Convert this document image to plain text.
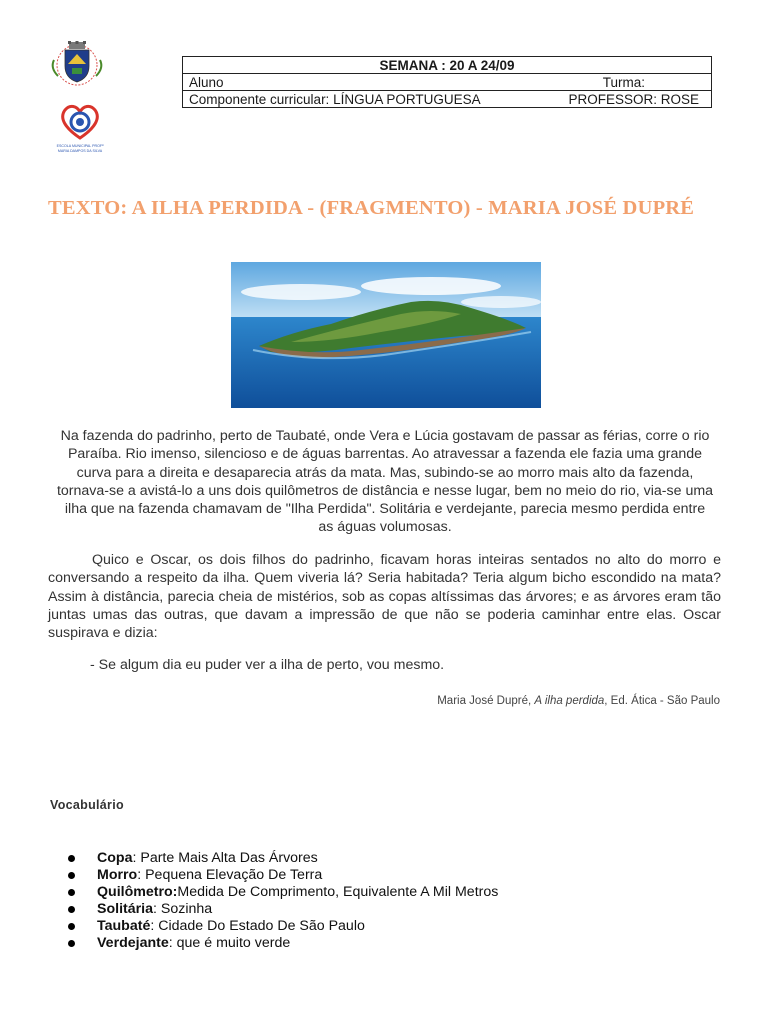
ESCOLA MUNICIPAL PROFª
MARIA DAMPOS DA SILVA
SEMANA : 20 A 24/09

Aluno	Turma:

Componente curricular: LÍNGUA PORTUGUESA	PROFESSOR: ROSE
TEXTO: A ILHA PERDIDA - (FRAGMENTO) - MARIA JOSÉ DUPRÉ

Na fazenda do padrinho, perto de Taubaté, onde Vera e Lúcia gostavam de passar as férias, corre o rio Paraíba. Rio imenso, silencioso e de águas barrentas. Ao atravessar a fazenda ele fazia uma grande curva para a direita e desaparecia atrás da mata. Mas, subindo-se ao morro mais alto da fazenda, tornava-se a avistá-lo a uns dois quilômetros de distância e nesse lugar, bem no meio do rio, via-se uma ilha que na fazenda chamavam de "Ilha Perdida". Solitária e verdejante, parecia mesmo perdida entre as águas volumosas.

Quico e Oscar, os dois filhos do padrinho, ficavam horas inteiras sentados no alto do morro e conversando a respeito da ilha. Quem viveria lá? Seria habitada? Teria algum bicho escondido na mata? Assim à distância, parecia cheia de mistérios, sob as copas altíssimas das árvores; e as árvores eram tão juntas umas das outras, que davam a impressão de que não se poderia caminhar entre elas. Oscar suspirava e dizia:

- Se algum dia eu puder ver a ilha de perto, vou mesmo.

Maria José Dupré, A ilha perdida, Ed. Ática - São Paulo

Vocabulário
Copa : Parte Mais Alta Das Árvores
Morro : Pequena Elevação De Terra
Quilômetro: Medida De Comprimento, Equivalente A Mil Metros
Solitária : Sozinha
Taubaté : Cidade Do Estado De São Paulo
Verdejante : que é muito verde
